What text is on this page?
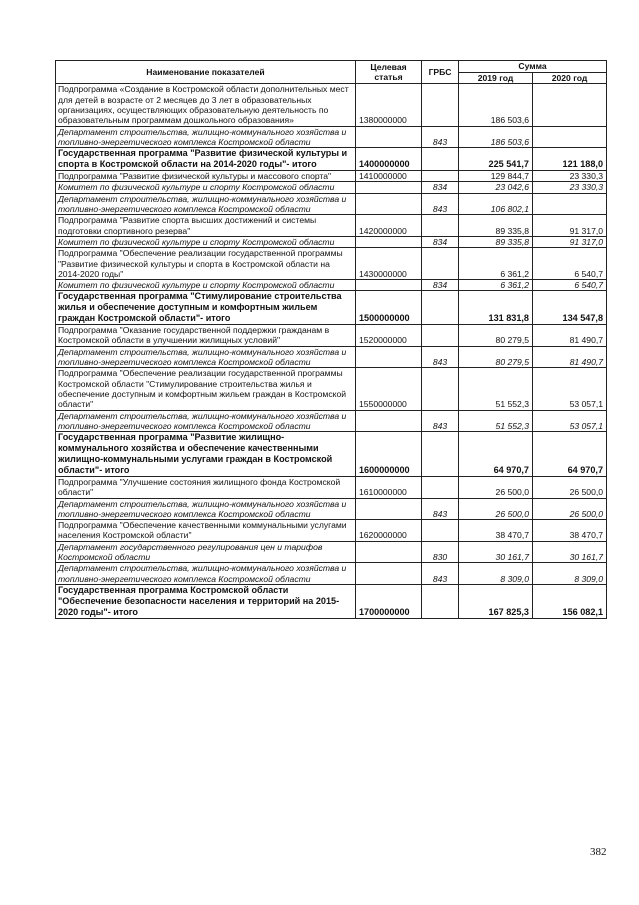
Наименование показателей	Целевая статья	ГРБС	Сумма	
			2019 год	2020 год
Подпрограмма «Создание в Костромской области дополнительных мест для детей в возрасте от 2 месяцев до 3 лет в образовательных организациях, осуществляющих образовательную деятельность по образовательным программам дошкольного образования»	1380000000		186 503,6	
Департамент строительства, жилищно-коммунального хозяйства и топливно-энергетического комплекса Костромской области		843	186 503,6	
Государственная программа "Развитие физической культуры и спорта в Костромской области на 2014-2020 годы"- итого	1400000000		225 541,7	121 188,0
Подпрограмма "Развитие физической культуры и массового спорта"	1410000000		129 844,7	23 330,3
Комитет по физической культуре и спорту Костромской области		834	23 042,6	23 330,3
Департамент строительства, жилищно-коммунального хозяйства и топливно-энергетического комплекса Костромской области		843	106 802,1	
Подпрограмма "Развитие спорта высших достижений и системы подготовки спортивного резерва"	1420000000		89 335,8	91 317,0
Комитет по физической культуре и спорту Костромской области		834	89 335,8	91 317,0
Подпрограмма "Обеспечение реализации государственной программы "Развитие физической культуры и спорта в Костромской области на 2014-2020 годы"	1430000000		6 361,2	6 540,7
Комитет по физической культуре и спорту Костромской области		834	6 361,2	6 540,7
Государственная программа "Стимулирование строительства жилья и обеспечение доступным и комфортным жильем граждан Костромской области"- итого	1500000000		131 831,8	134 547,8
Подпрограмма "Оказание государственной поддержки гражданам в Костромской области в улучшении жилищных условий"	1520000000		80 279,5	81 490,7
Департамент строительства, жилищно-коммунального хозяйства и топливно-энергетического комплекса Костромской области		843	80 279,5	81 490,7
Подпрограмма "Обеспечение реализации государственной программы Костромской области "Стимулирование строительства жилья и обеспечение доступным и комфортным жильем граждан в Костромской области"	1550000000		51 552,3	53 057,1
Департамент строительства, жилищно-коммунального хозяйства и топливно-энергетического комплекса Костромской области		843	51 552,3	53 057,1
Государственная программа "Развитие жилищно-коммунального хозяйства и обеспечение качественными жилищно-коммунальными услугами граждан в Костромской области"- итого	1600000000		64 970,7	64 970,7
Подпрограмма "Улучшение состояния жилищного фонда Костромской области"	1610000000		26 500,0	26 500,0
Департамент строительства, жилищно-коммунального хозяйства и топливно-энергетического комплекса Костромской области		843	26 500,0	26 500,0
Подпрограмма "Обеспечение качественными коммунальными услугами населения Костромской области"	1620000000		38 470,7	38 470,7
Департамент государственного регулирования цен и тарифов Костромской области		830	30 161,7	30 161,7
Департамент строительства, жилищно-коммунального хозяйства и топливно-энергетического комплекса Костромской области		843	8 309,0	8 309,0
Государственная программа Костромской области "Обеспечение безопасности населения и территорий на 2015-2020 годы"- итого	1700000000		167 825,3	156 082,1
382
